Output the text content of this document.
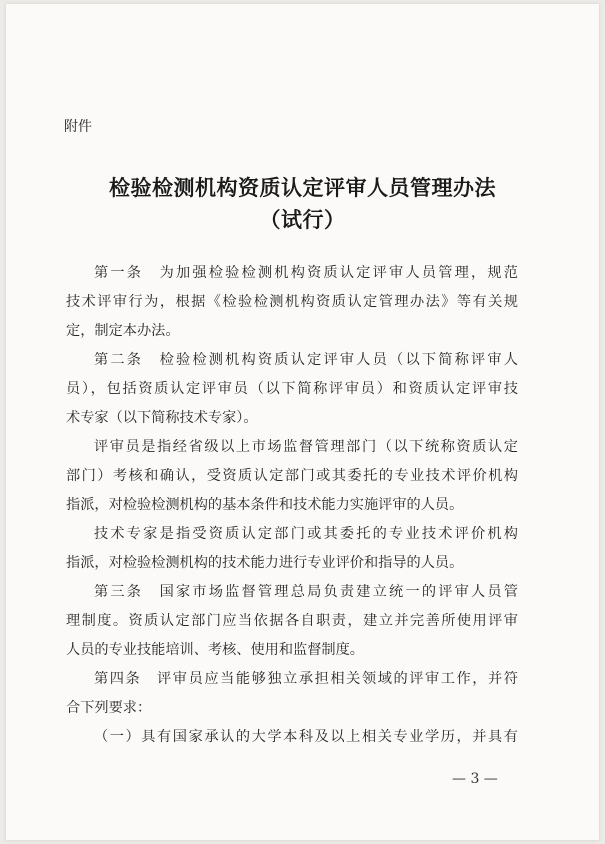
附件
检验检测机构资质认定评审人员管理办法
（试行）
第一条　为加强检验检测机构资质认定评审人员管理，规范
技术评审行为，根据《检验检测机构资质认定管理办法》等有关规
定，制定本办法。
第二条　检验检测机构资质认定评审人员（以下简称评审人
员），包括资质认定评审员（以下简称评审员）和资质认定评审技
术专家（以下简称技术专家）。
评审员是指经省级以上市场监督管理部门（以下统称资质认定
部门）考核和确认，受资质认定部门或其委托的专业技术评价机构
指派，对检验检测机构的基本条件和技术能力实施评审的人员。
技术专家是指受资质认定部门或其委托的专业技术评价机构
指派，对检验检测机构的技术能力进行专业评价和指导的人员。
第三条　国家市场监督管理总局负责建立统一的评审人员管
理制度。资质认定部门应当依据各自职责，建立并完善所使用评审
人员的专业技能培训、考核、使用和监督制度。
第四条　评审员应当能够独立承担相关领域的评审工作，并符
合下列要求：
（一）具有国家承认的大学本科及以上相关专业学历，并具有
— 3 —
